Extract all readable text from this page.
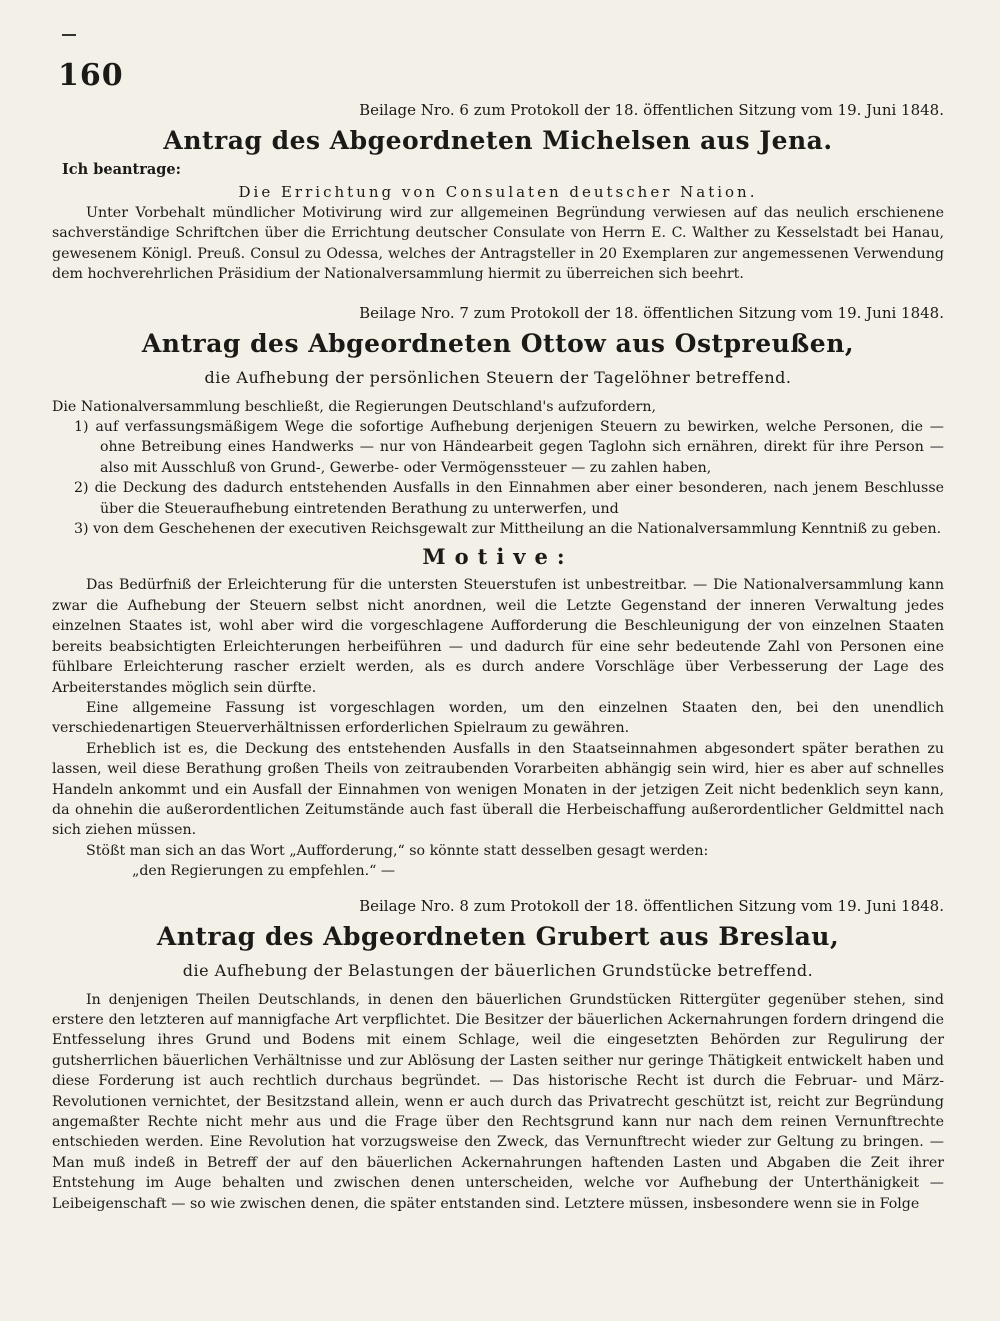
160

Beilage Nro. 6 zum Protokoll der 18. öffentlichen Sitzung vom 19. Juni 1848.

Antrag des Abgeordneten Michelsen aus Jena.
Ich beantrage:

Die Errichtung von Consulaten deutscher Nation.

Unter Vorbehalt mündlicher Motivirung wird zur allgemeinen Begründung verwiesen auf das neulich erschienene sachverständige Schriftchen über die Errichtung deutscher Consulate von Herrn E. C. Walther zu Kesselstadt bei Hanau, gewesenem Königl. Preuß. Consul zu Odessa, welches der Antragsteller in 20 Exemplaren zur angemessenen Verwendung dem hochverehrlichen Präsidium der Nationalversammlung hiermit zu überreichen sich beehrt.

Beilage Nro. 7 zum Protokoll der 18. öffentlichen Sitzung vom 19. Juni 1848.

Antrag des Abgeordneten Ottow aus Ostpreußen,
die Aufhebung der persönlichen Steuern der Tagelöhner betreffend.

Die Nationalversammlung beschließt, die Regierungen Deutschland's aufzufordern,

1) auf verfassungsmäßigem Wege die sofortige Aufhebung derjenigen Steuern zu bewirken, welche Personen, die — ohne Betreibung eines Handwerks — nur von Händearbeit gegen Taglohn sich ernähren, direkt für ihre Person — also mit Ausschluß von Grund-, Gewerbe- oder Vermögenssteuer — zu zahlen haben,

2) die Deckung des dadurch entstehenden Ausfalls in den Einnahmen aber einer besonderen, nach jenem Beschlusse über die Steueraufhebung eintretenden Berathung zu unterwerfen, und

3) von dem Geschehenen der executiven Reichsgewalt zur Mittheilung an die Nationalversammlung Kenntniß zu geben.

Motive:

Das Bedürfniß der Erleichterung für die untersten Steuerstufen ist unbestreitbar. — Die Nationalversammlung kann zwar die Aufhebung der Steuern selbst nicht anordnen, weil die Letzte Gegenstand der inneren Verwaltung jedes einzelnen Staates ist, wohl aber wird die vorgeschlagene Aufforderung die Beschleunigung der von einzelnen Staaten bereits beabsichtigten Erleichterungen herbeiführen — und dadurch für eine sehr bedeutende Zahl von Personen eine fühlbare Erleichterung rascher erzielt werden, als es durch andere Vorschläge über Verbesserung der Lage des Arbeiterstandes möglich sein dürfte.

Eine allgemeine Fassung ist vorgeschlagen worden, um den einzelnen Staaten den, bei den unendlich verschiedenartigen Steuerverhältnissen erforderlichen Spielraum zu gewähren.

Erheblich ist es, die Deckung des entstehenden Ausfalls in den Staatseinnahmen abgesondert später berathen zu lassen, weil diese Berathung großen Theils von zeitraubenden Vorarbeiten abhängig sein wird, hier es aber auf schnelles Handeln ankommt und ein Ausfall der Einnahmen von wenigen Monaten in der jetzigen Zeit nicht bedenklich seyn kann, da ohnehin die außerordentlichen Zeitumstände auch fast überall die Herbeischaffung außerordentlicher Geldmittel nach sich ziehen müssen.

Stößt man sich an das Wort „Aufforderung,“ so könnte statt desselben gesagt werden:

„den Regierungen zu empfehlen.“ —

Beilage Nro. 8 zum Protokoll der 18. öffentlichen Sitzung vom 19. Juni 1848.

Antrag des Abgeordneten Grubert aus Breslau,
die Aufhebung der Belastungen der bäuerlichen Grundstücke betreffend.

In denjenigen Theilen Deutschlands, in denen den bäuerlichen Grundstücken Rittergüter gegenüber stehen, sind erstere den letzteren auf mannigfache Art verpflichtet. Die Besitzer der bäuerlichen Ackernahrungen fordern dringend die Entfesselung ihres Grund und Bodens mit einem Schlage, weil die eingesetzten Behörden zur Regulirung der gutsherrlichen bäuerlichen Verhältnisse und zur Ablösung der Lasten seither nur geringe Thätigkeit entwickelt haben und diese Forderung ist auch rechtlich durchaus begründet. — Das historische Recht ist durch die Februar- und März-Revolutionen vernichtet, der Besitzstand allein, wenn er auch durch das Privatrecht geschützt ist, reicht zur Begründung angemaßter Rechte nicht mehr aus und die Frage über den Rechtsgrund kann nur nach dem reinen Vernunftrechte entschieden werden. Eine Revolution hat vorzugsweise den Zweck, das Vernunftrecht wieder zur Geltung zu bringen. — Man muß indeß in Betreff der auf den bäuerlichen Ackernahrungen haftenden Lasten und Abgaben die Zeit ihrer Entstehung im Auge behalten und zwischen denen unterscheiden, welche vor Aufhebung der Unterthänigkeit — Leibeigenschaft — so wie zwischen denen, die später entstanden sind. Letztere müssen, insbesondere wenn sie in Folge
